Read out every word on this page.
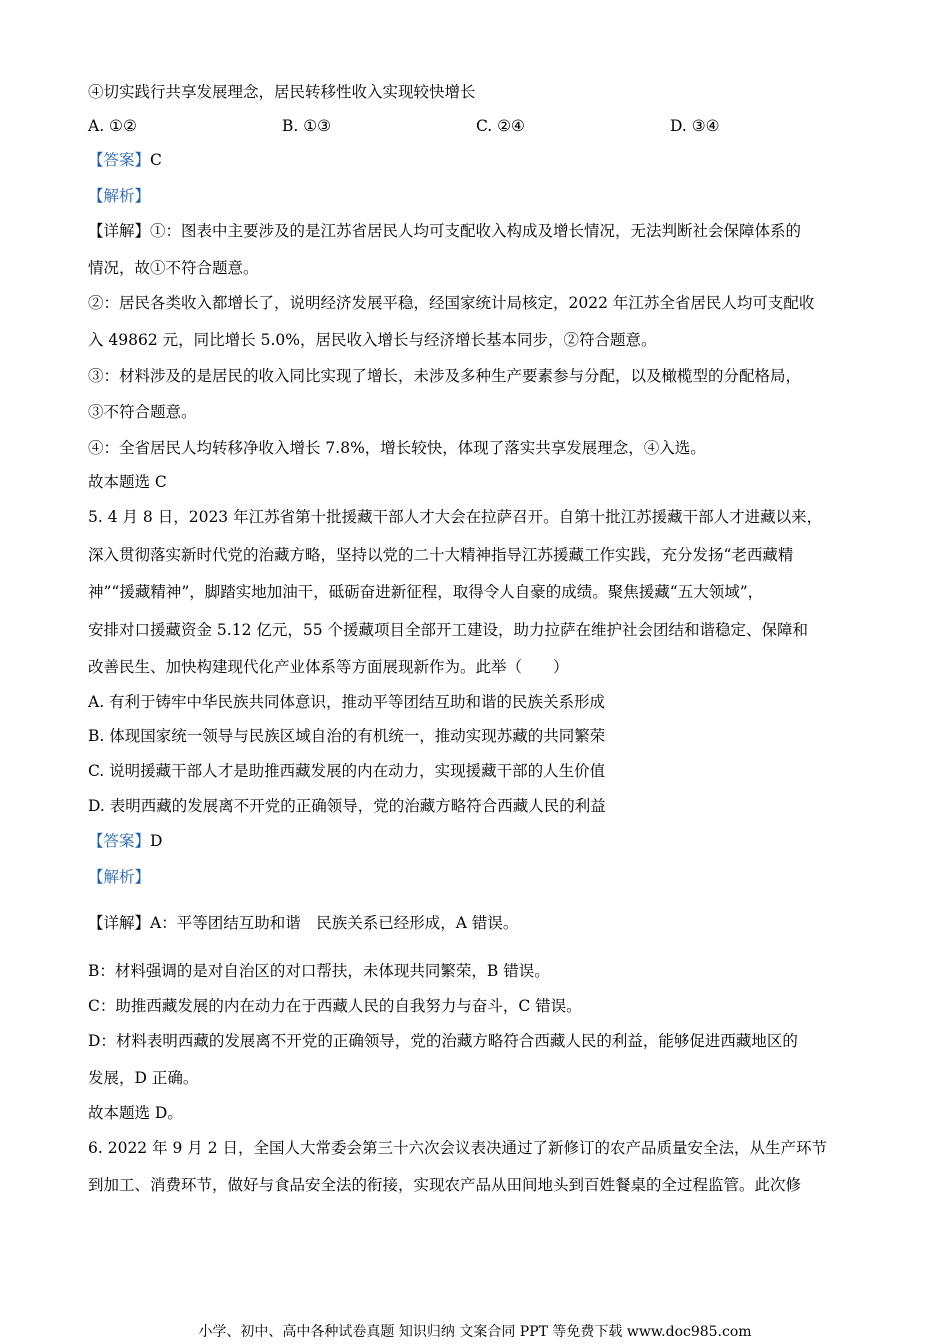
④切实践行共享发展理念，居民转移性收入实现较快增长
A. ①②	B. ①③	C. ②④	D. ③④
【答案】C
【解析】
【详解】①：图表中主要涉及的是江苏省居民人均可支配收入构成及增长情况，无法判断社会保障体系的
情况，故①不符合题意。
②：居民各类收入都增长了，说明经济发展平稳，经国家统计局核定，2022 年江苏全省居民人均可支配收
入 49862 元，同比增长 5.0%，居民收入增长与经济增长基本同步，②符合题意。
③：材料涉及的是居民的收入同比实现了增长，未涉及多种生产要素参与分配，以及橄榄型的分配格局，
③不符合题意。
④：全省居民人均转移净收入增长 7.8%，增长较快，体现了落实共享发展理念，④入选。
故本题选 C
5. 4 月 8 日，2023 年江苏省第十批援藏干部人才大会在拉萨召开。自第十批江苏援藏干部人才进藏以来，
深入贯彻落实新时代党的治藏方略，坚持以党的二十大精神指导江苏援藏工作实践，充分发扬“老西藏精
神”“援藏精神”，脚踏实地加油干，砥砺奋进新征程，取得令人自豪的成绩。聚焦援藏“五大领域”，
安排对口援藏资金 5.12 亿元，55 个援藏项目全部开工建设，助力拉萨在维护社会团结和谐稳定、保障和
改善民生、加快构建现代化产业体系等方面展现新作为。此举（　　）
A. 有利于铸牢中华民族共同体意识，推动平等团结互助和谐的民族关系形成
B. 体现国家统一领导与民族区域自治的有机统一，推动实现苏藏的共同繁荣
C. 说明援藏干部人才是助推西藏发展的内在动力，实现援藏干部的人生价值
D. 表明西藏的发展离不开党的正确领导，党的治藏方略符合西藏人民的利益
【答案】D
【解析】
【详解】A：平等团结互助和谐　民族关系已经形成，A 错误。
B：材料强调的是对自治区的对口帮扶，未体现共同繁荣，B 错误。
C：助推西藏发展的内在动力在于西藏人民的自我努力与奋斗，C 错误。
D：材料表明西藏的发展离不开党的正确领导，党的治藏方略符合西藏人民的利益，能够促进西藏地区的
发展，D 正确。
故本题选 D。
6. 2022 年 9 月 2 日，全国人大常委会第三十六次会议表决通过了新修订的农产品质量安全法，从生产环节
到加工、消费环节，做好与食品安全法的衔接，实现农产品从田间地头到百姓餐桌的全过程监管。此次修
小学、初中、高中各种试卷真题 知识归纳 文案合同 PPT 等免费下载 www.doc985.com
